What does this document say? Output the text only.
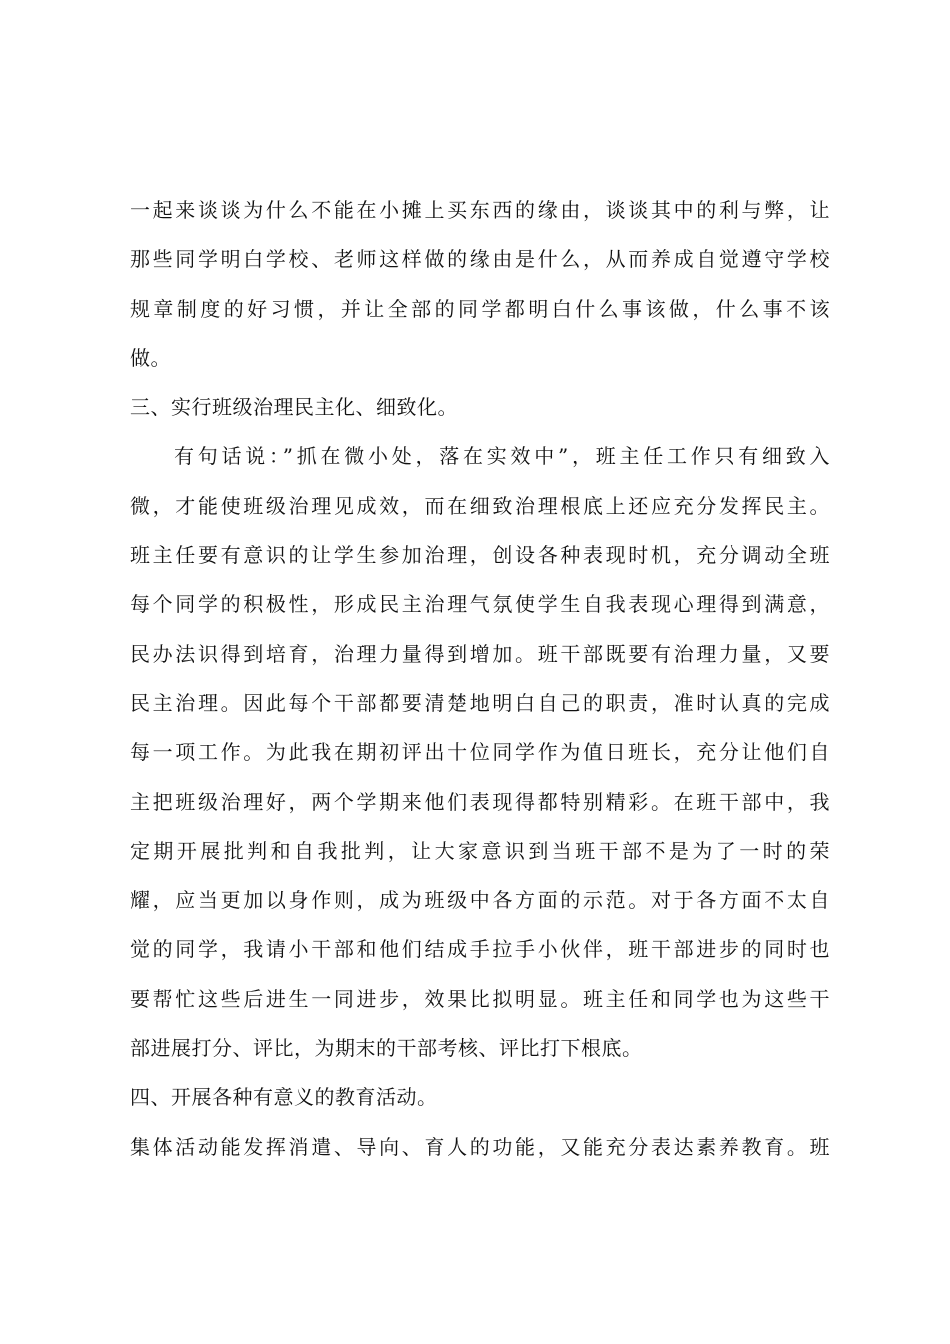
一起来谈谈为什么不能在小摊上买东西的缘由，谈谈其中的利与弊，让
那些同学明白学校、老师这样做的缘由是什么，从而养成自觉遵守学校
规章制度的好习惯，并让全部的同学都明白什么事该做，什么事不该
做。
三、实行班级治理民主化、细致化。
有句话说：”抓在微小处，落在实效中”，班主任工作只有细致入
微，才能使班级治理见成效，而在细致治理根底上还应充分发挥民主。
班主任要有意识的让学生参加治理，创设各种表现时机，充分调动全班
每个同学的积极性，形成民主治理气氛使学生自我表现心理得到满意，
民办法识得到培育，治理力量得到增加。班干部既要有治理力量，又要
民主治理。因此每个干部都要清楚地明白自己的职责，准时认真的完成
每一项工作。为此我在期初评出十位同学作为值日班长，充分让他们自
主把班级治理好，两个学期来他们表现得都特别精彩。在班干部中，我
定期开展批判和自我批判，让大家意识到当班干部不是为了一时的荣
耀，应当更加以身作则，成为班级中各方面的示范。对于各方面不太自
觉的同学，我请小干部和他们结成手拉手小伙伴，班干部进步的同时也
要帮忙这些后进生一同进步，效果比拟明显。班主任和同学也为这些干
部进展打分、评比，为期末的干部考核、评比打下根底。
四、开展各种有意义的教育活动。
集体活动能发挥消遣、导向、育人的功能，又能充分表达素养教育。班
